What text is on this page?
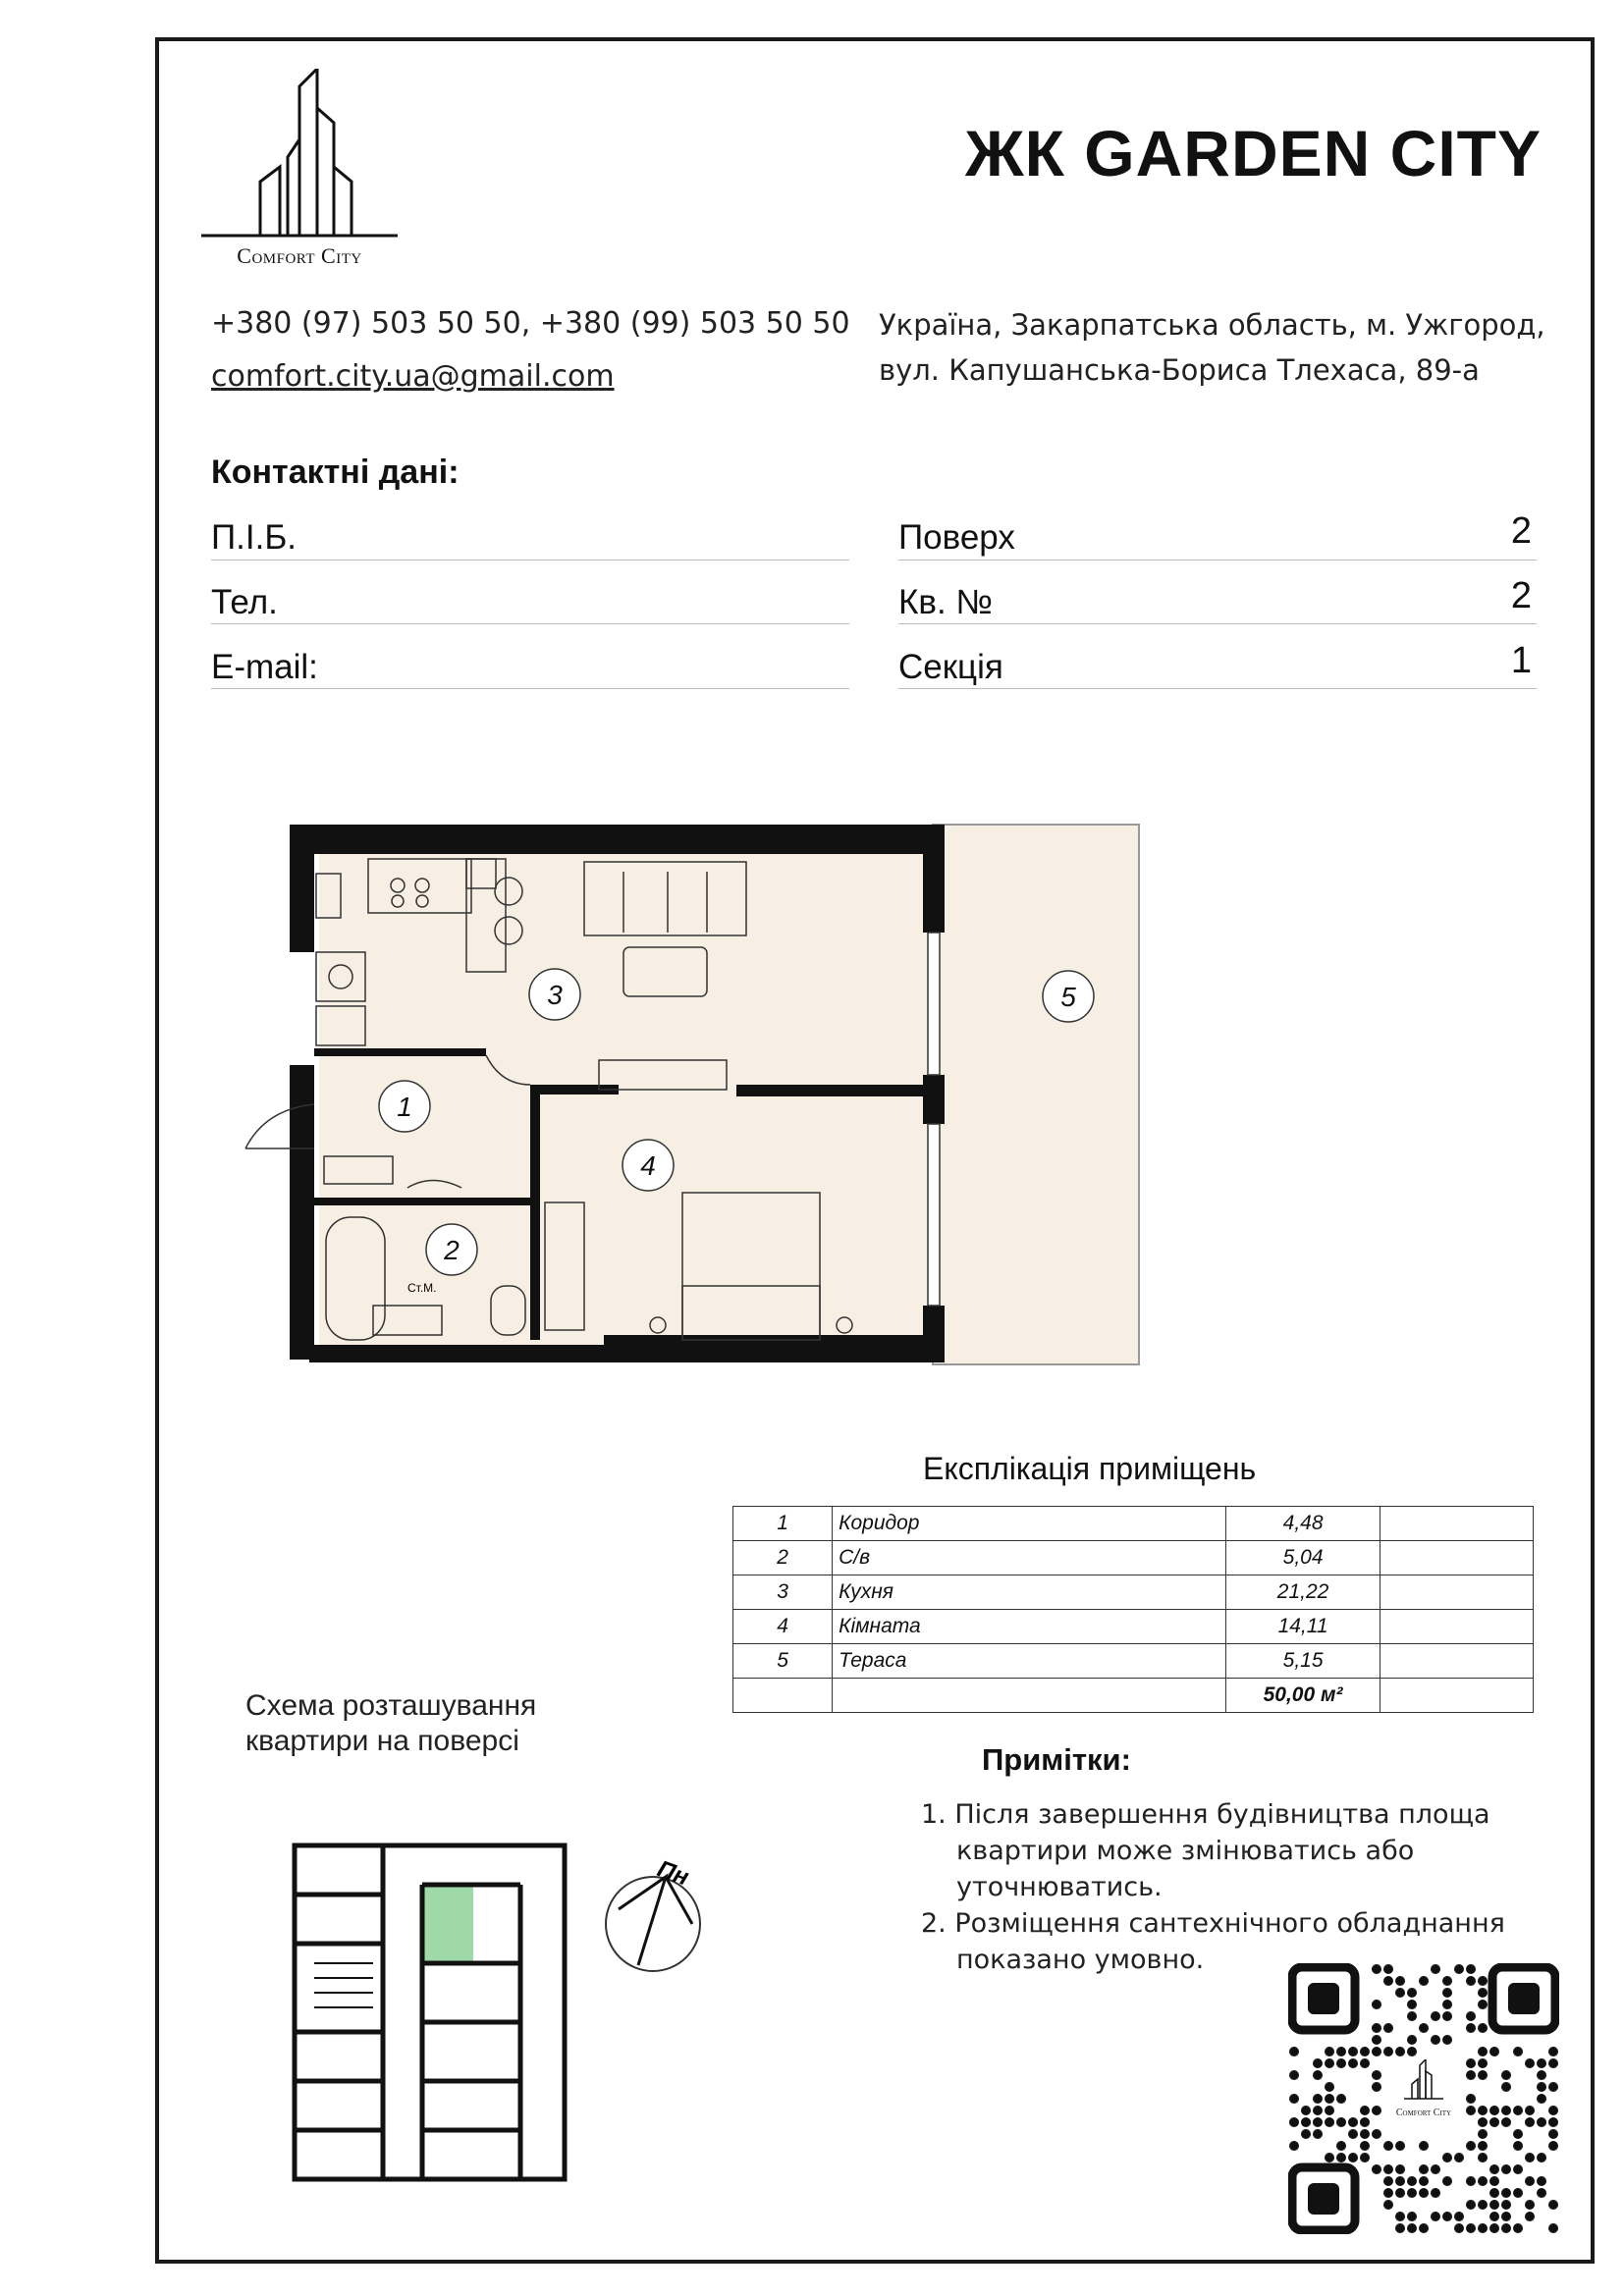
Comfort City
ЖК GARDEN CITY
+380 (97) 503 50 50, +380 (99) 503 50 50
comfort.city.ua@gmail.com
Україна, Закарпатська область, м. Ужгород,
вул. Капушанська-Бориса Тлехаса, 89-а
Контактні дані:
П.І.Б.
Тел.
E-mail:
Поверх	2
Кв. №	2
Секція	1
Ст.М.
3
1
4
2
5
Експлікація приміщень
1	Коридор	4,48	
2	С/в	5,04	
3	Кухня	21,22	
4	Кімната	14,11	
5	Тераса	5,15	
		50,00 м²	
Схема розташування
квартири на поверсі
Примітки:
1. Після завершення будівництва площа
квартири може змінюватись або уточнюватись.
2. Розміщення сантехнічного обладнання
показано умовно.
Пн
Comfort City
